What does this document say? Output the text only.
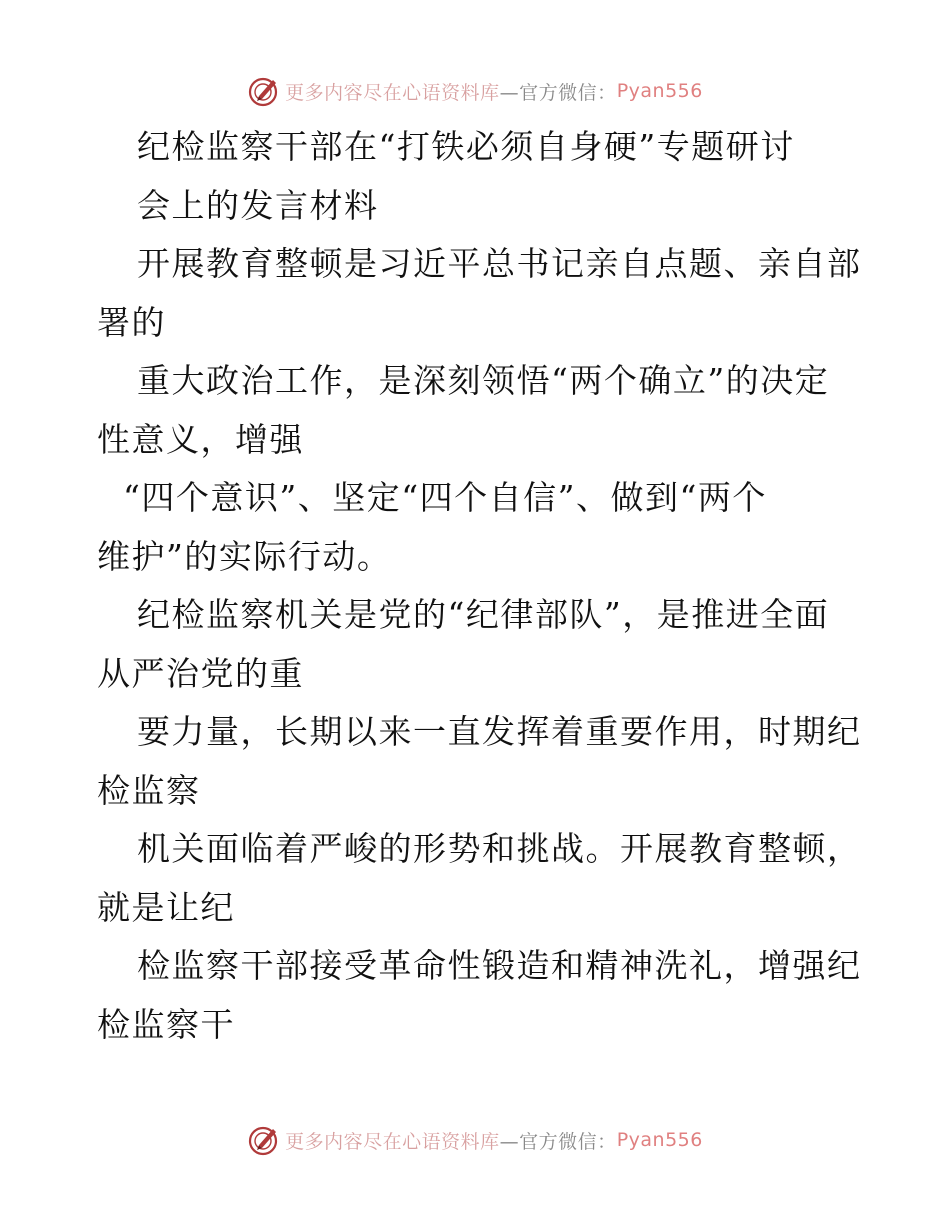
更多内容尽在心语资料库 —官方微信： Pyan556
纪检监察干部在“打铁必须自身硬”专题研讨
会上的发言材料
开展教育整顿是习近平总书记亲自点题、亲自部
署的
重大政治工作，是深刻领悟“两个确立”的决定
性意义，增强
“四个意识”、坚定“四个自信”、做到“两个
维护”的实际行动。
纪检监察机关是党的“纪律部队”，是推进全面
从严治党的重
要力量，长期以来一直发挥着重要作用，时期纪
检监察
机关面临着严峻的形势和挑战。开展教育整顿，
就是让纪
检监察干部接受革命性锻造和精神洗礼，增强纪
检监察干
更多内容尽在心语资料库 —官方微信： Pyan556
